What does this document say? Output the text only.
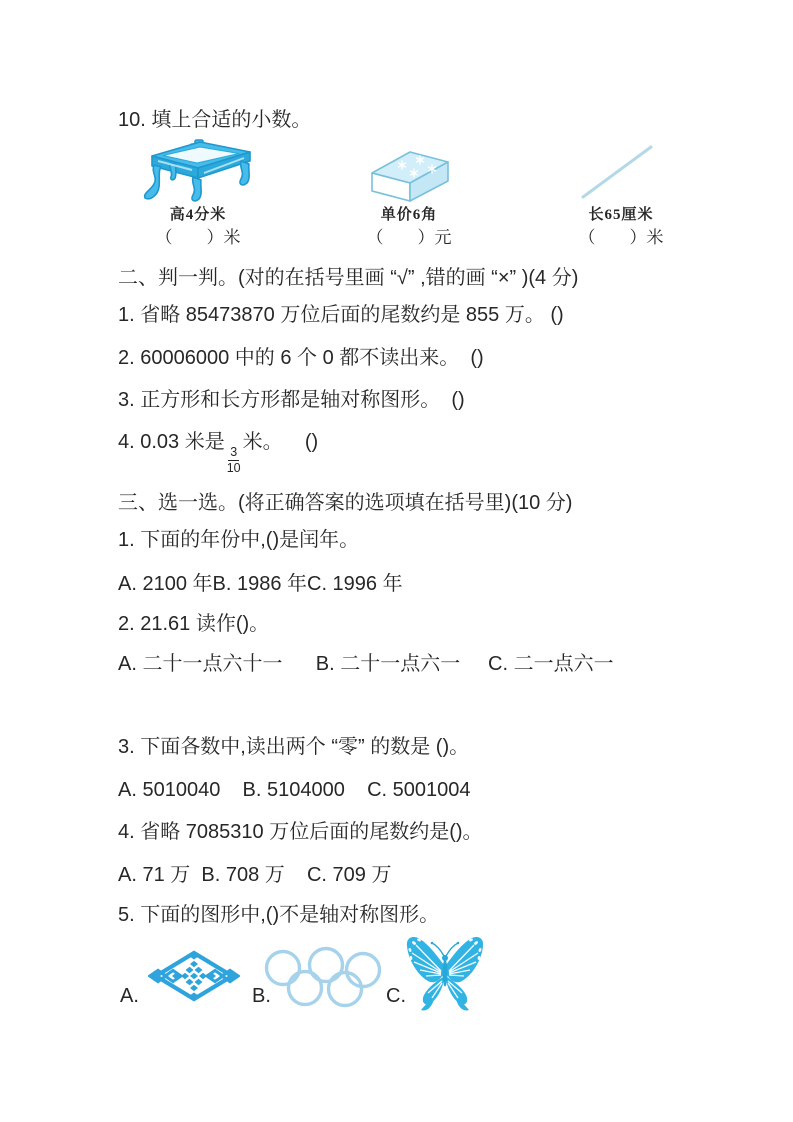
10. 填上合适的小数。
高4分米
（　　）米
单价6角
（　　）元
长65厘米
（　　）米
二、判一判。(对的在括号里画 “√” ,错的画 “×” )(4 分)
1. 省略 85473870 万位后面的尾数约是 855 万。 ()
2. 60006000 中的 6 个 0 都不读出来。  ()
3. 正方形和长方形都是轴对称图形。  ()
4. 0.03 米是
$\frac{3}{10}$
米。    ()
三、选一选。(将正确答案的选项填在括号里)(10 分)
1. 下面的年份中,()是闰年。
A. 2100 年B. 1986 年C. 1996 年
2. 21.61 读作()。
A. 二十一点六十一      B. 二十一点六一     C. 二一点六一
3. 下面各数中,读出两个 “零” 的数是 ()。
A. 5010040    B. 5104000    C. 5001004
4. 省略 7085310 万位后面的尾数约是()。
A. 71 万  B. 708 万    C. 709 万
5. 下面的图形中,()不是轴对称图形。
A.	B.	C.
